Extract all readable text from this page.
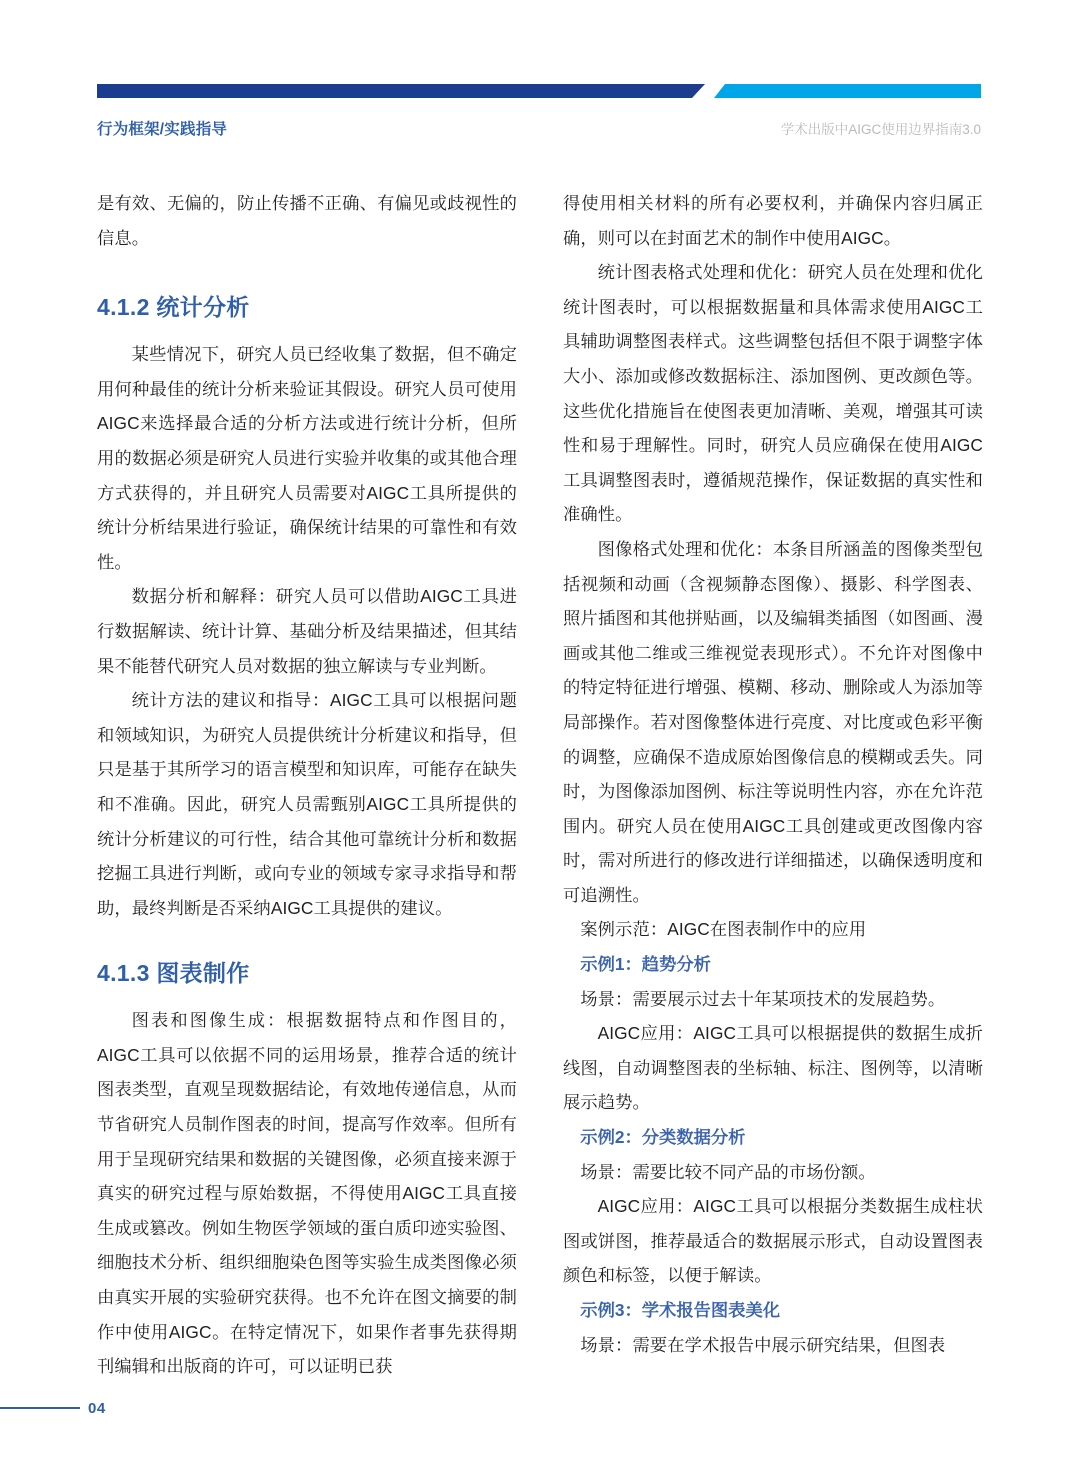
行为框架/实践指导	学术出版中AIGC使用边界指南3.0

是有效、无偏的，防止传播不正确、有偏见或歧视性的信息。

4.1.2 统计分析

某些情况下，研究人员已经收集了数据，但不确定用何种最佳的统计分析来验证其假设。研究人员可使用AIGC来选择最合适的分析方法或进行统计分析，但所用的数据必须是研究人员进行实验并收集的或其他合理方式获得的，并且研究人员需要对AIGC工具所提供的统计分析结果进行验证，确保统计结果的可靠性和有效性。

数据分析和解释：研究人员可以借助AIGC工具进行数据解读、统计计算、基础分析及结果描述，但其结果不能替代研究人员对数据的独立解读与专业判断。

统计方法的建议和指导：AIGC工具可以根据问题和领域知识，为研究人员提供统计分析建议和指导，但只是基于其所学习的语言模型和知识库，可能存在缺失和不准确。因此，研究人员需甄别AIGC工具所提供的统计分析建议的可行性，结合其他可靠统计分析和数据挖掘工具进行判断，或向专业的领域专家寻求指导和帮助，最终判断是否采纳AIGC工具提供的建议。

4.1.3 图表制作

图表和图像生成：根据数据特点和作图目的，AIGC工具可以依据不同的运用场景，推荐合适的统计图表类型，直观呈现数据结论，有效地传递信息，从而节省研究人员制作图表的时间，提高写作效率。但所有用于呈现研究结果和数据的关键图像，必须直接来源于真实的研究过程与原始数据，不得使用AIGC工具直接生成或篡改。例如生物医学领域的蛋白质印迹实验图、细胞技术分析、组织细胞染色图等实验生成类图像必须由真实开展的实验研究获得。也不允许在图文摘要的制作中使用AIGC。在特定情况下，如果作者事先获得期刊编辑和出版商的许可，可以证明已获

得使用相关材料的所有必要权利，并确保内容归属正确，则可以在封面艺术的制作中使用AIGC。

统计图表格式处理和优化：研究人员在处理和优化统计图表时，可以根据数据量和具体需求使用AIGC工具辅助调整图表样式。这些调整包括但不限于调整字体大小、添加或修改数据标注、添加图例、更改颜色等。这些优化措施旨在使图表更加清晰、美观，增强其可读性和易于理解性。同时，研究人员应确保在使用AIGC工具调整图表时，遵循规范操作，保证数据的真实性和准确性。

图像格式处理和优化：本条目所涵盖的图像类型包括视频和动画（含视频静态图像）、摄影、科学图表、照片插图和其他拼贴画，以及编辑类插图（如图画、漫画或其他二维或三维视觉表现形式）。不允许对图像中的特定特征进行增强、模糊、移动、删除或人为添加等局部操作。若对图像整体进行亮度、对比度或色彩平衡的调整，应确保不造成原始图像信息的模糊或丢失。同时，为图像添加图例、标注等说明性内容，亦在允许范围内。研究人员在使用AIGC工具创建或更改图像内容时，需对所进行的修改进行详细描述，以确保透明度和可追溯性。

案例示范：AIGC在图表制作中的应用

示例1：趋势分析

场景：需要展示过去十年某项技术的发展趋势。

AIGC应用：AIGC工具可以根据提供的数据生成折线图，自动调整图表的坐标轴、标注、图例等，以清晰展示趋势。

示例2：分类数据分析

场景：需要比较不同产品的市场份额。

AIGC应用：AIGC工具可以根据分类数据生成柱状图或饼图，推荐最适合的数据展示形式，自动设置图表颜色和标签，以便于解读。

示例3：学术报告图表美化

场景：需要在学术报告中展示研究结果，但图表

04
